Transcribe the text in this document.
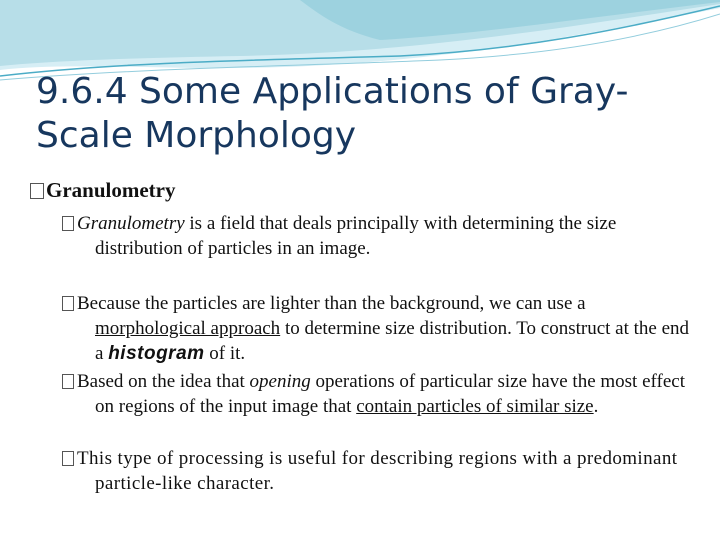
9.6.4 Some Applications of Gray-Scale Morphology
Granulometry

Granulometry is a field that deals principally with determining the size distribution of particles in an image.

Because the particles are lighter than the background, we can use a morphological approach to determine size distribution. To construct at the end a histogram of it.

Based on the idea that opening operations of particular size have the most effect on regions of the input image that contain particles of similar size.

This type of processing is useful for describing regions with a predominant particle-like character.
